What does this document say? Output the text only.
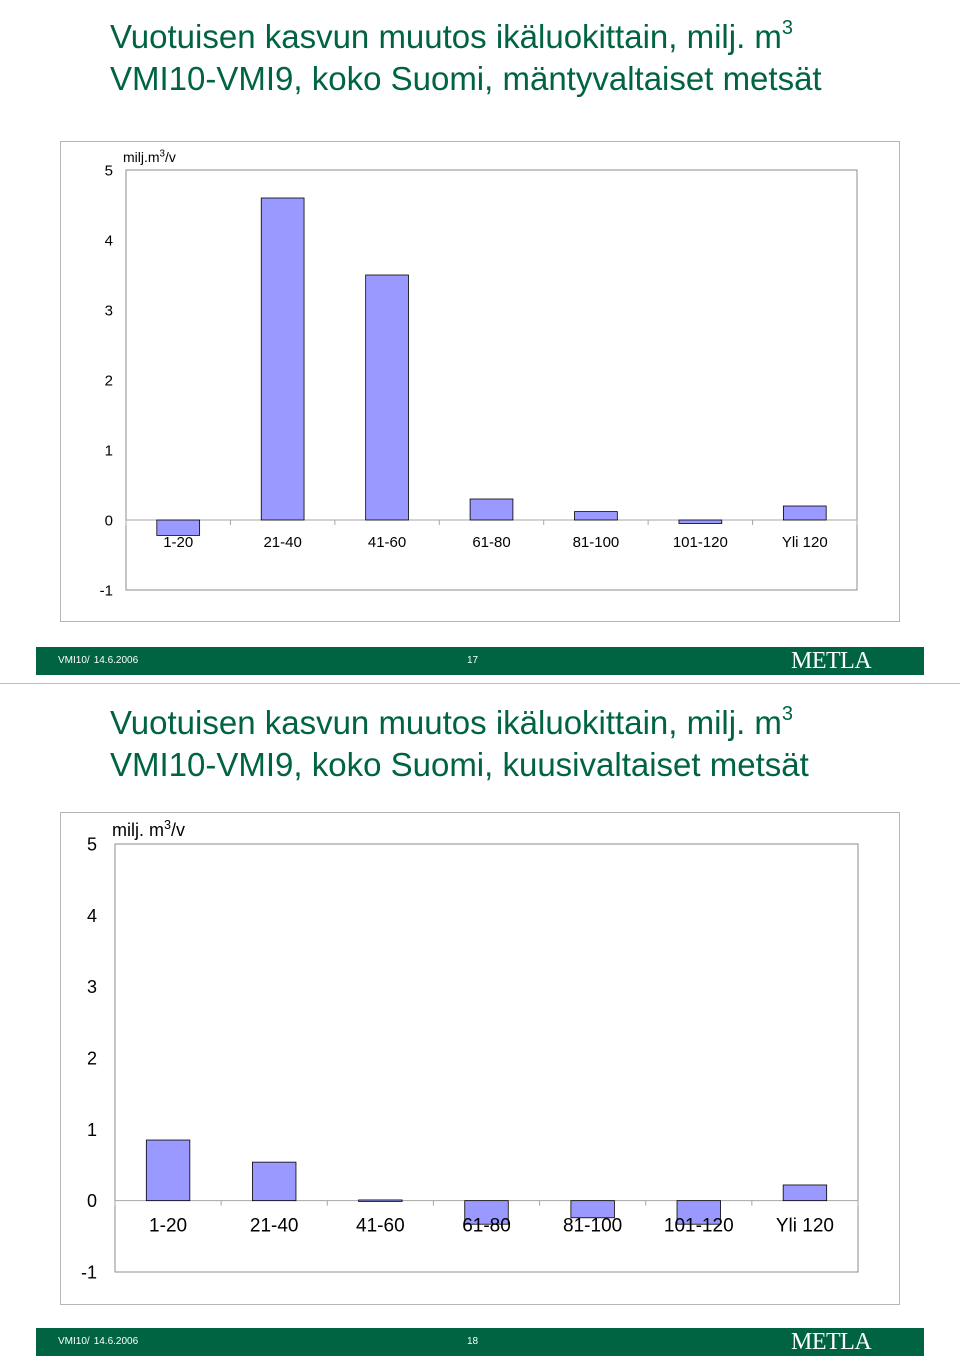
Vuotuisen kasvun muutos ikäluokittain, milj. $m^3$
VMI10-VMI9, koko Suomi, mäntyvaltaiset metsät
-1
0
1
2
3
4
5
1-20	21-40	41-60	61-80	81-100	101-120	Yli 120
$milj.m^3/v$
VMI10/ 14.6.2006	17	METLA
Vuotuisen kasvun muutos ikäluokittain, milj. $m^3$
VMI10-VMI9, koko Suomi, kuusivaltaiset metsät
-1
0
1
2
3
4
5
1-20	21-40	41-60	61-80	81-100 101-120 Yli 120
milj. $m^3/v$
VMI10/ 14.6.2006	18	METLA
